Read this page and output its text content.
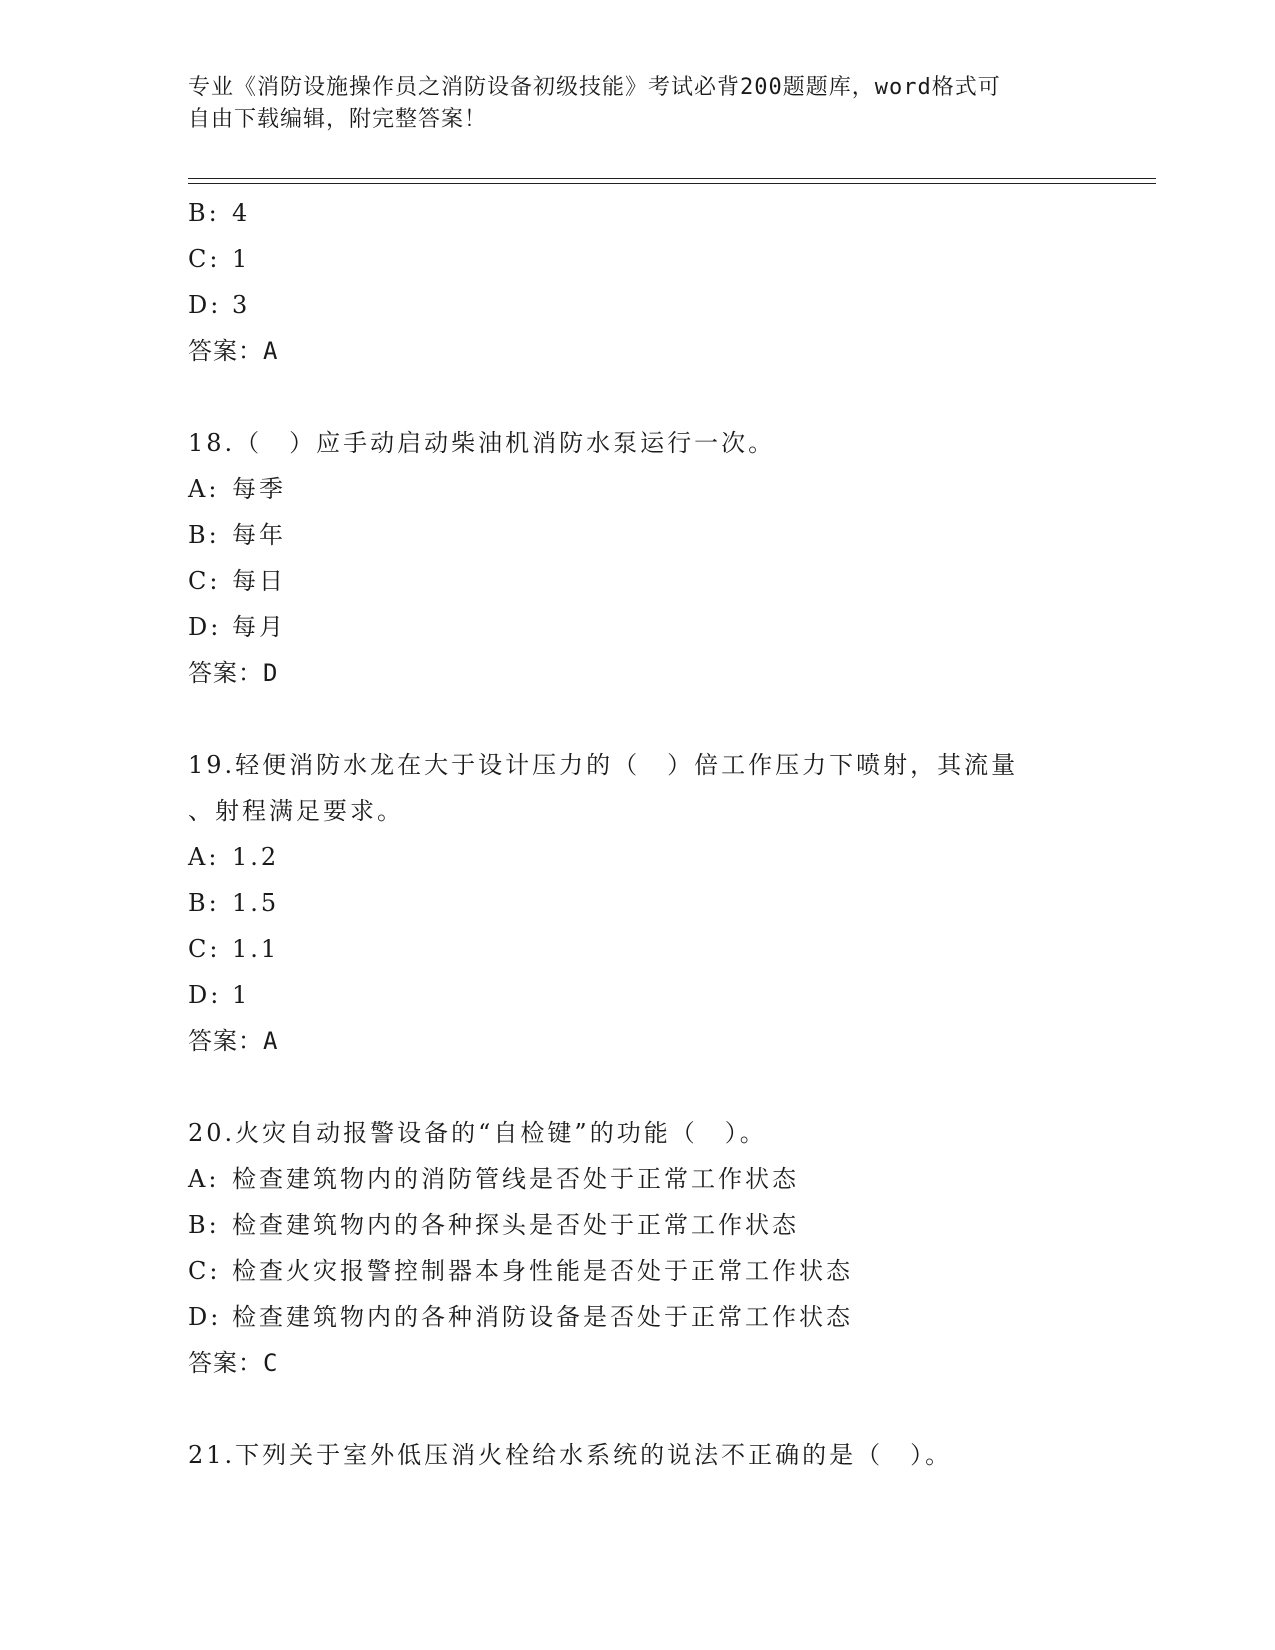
专业《消防设施操作员之消防设备初级技能》考试必背200题题库，word格式可
自由下载编辑，附完整答案！
B: 4
C: 1
D: 3
答案：A
18.（　）应手动启动柴油机消防水泵运行一次。
A: 每季
B: 每年
C: 每日
D: 每月
答案：D
19.轻便消防水龙在大于设计压力的（　）倍工作压力下喷射，其流量
、射程满足要求。
A: 1.2
B: 1.5
C: 1.1
D: 1
答案：A
20.火灾自动报警设备的“自检键”的功能（　）。
A: 检查建筑物内的消防管线是否处于正常工作状态
B: 检查建筑物内的各种探头是否处于正常工作状态
C: 检查火灾报警控制器本身性能是否处于正常工作状态
D: 检查建筑物内的各种消防设备是否处于正常工作状态
答案：C
21.下列关于室外低压消火栓给水系统的说法不正确的是（　）。
